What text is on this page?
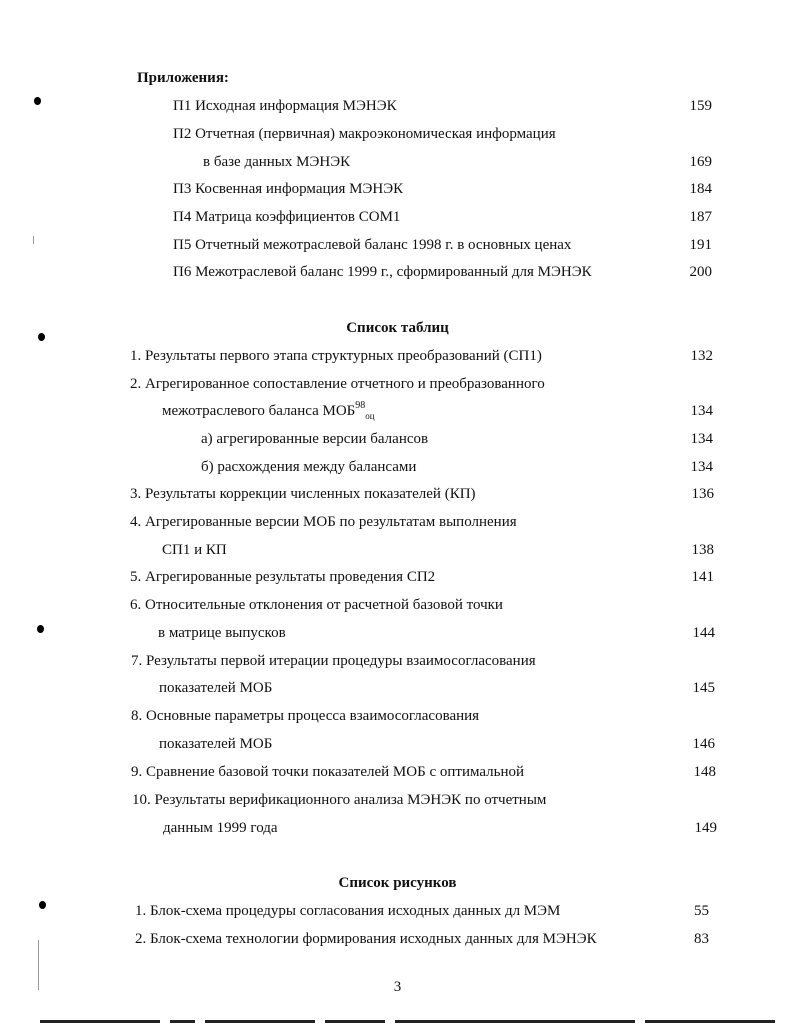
Приложения:
П1 Исходная информация МЭНЭК	159
П2 Отчетная (первичная) макроэкономическая информация
в базе данных МЭНЭК	169
П3 Косвенная информация МЭНЭК	184
П4 Матрица коэффициентов СОМ1	187
П5 Отчетный межотраслевой баланс 1998 г. в основных ценах	191
П6 Межотраслевой баланс 1999 г., сформированный для МЭНЭК	200
Список таблиц
1. Результаты первого этапа структурных преобразований (СП1)	132
2. Агрегированное сопоставление отчетного и преобразованного
межотраслевого баланса $МОБ^{98}_{оц}$	134
а) агрегированные версии балансов	134
б) расхождения между балансами	134
3. Результаты коррекции численных показателей (КП)	136
4. Агрегированные версии МОБ по результатам выполнения
СП1 и КП	138
5. Агрегированные результаты проведения СП2	141
6. Относительные отклонения от расчетной базовой точки
в матрице выпусков	144
7. Результаты первой итерации процедуры взаимосогласования
показателей МОБ	145
8. Основные параметры процесса взаимосогласования
показателей МОБ	146
9. Сравнение базовой точки показателей МОБ с оптимальной	148
10. Результаты верификационного анализа МЭНЭК по отчетным
данным 1999 года	149
Список рисунков
1. Блок-схема процедуры согласования исходных данных дл МЭМ	55
2. Блок-схема технологии формирования исходных данных для МЭНЭК	83
3
